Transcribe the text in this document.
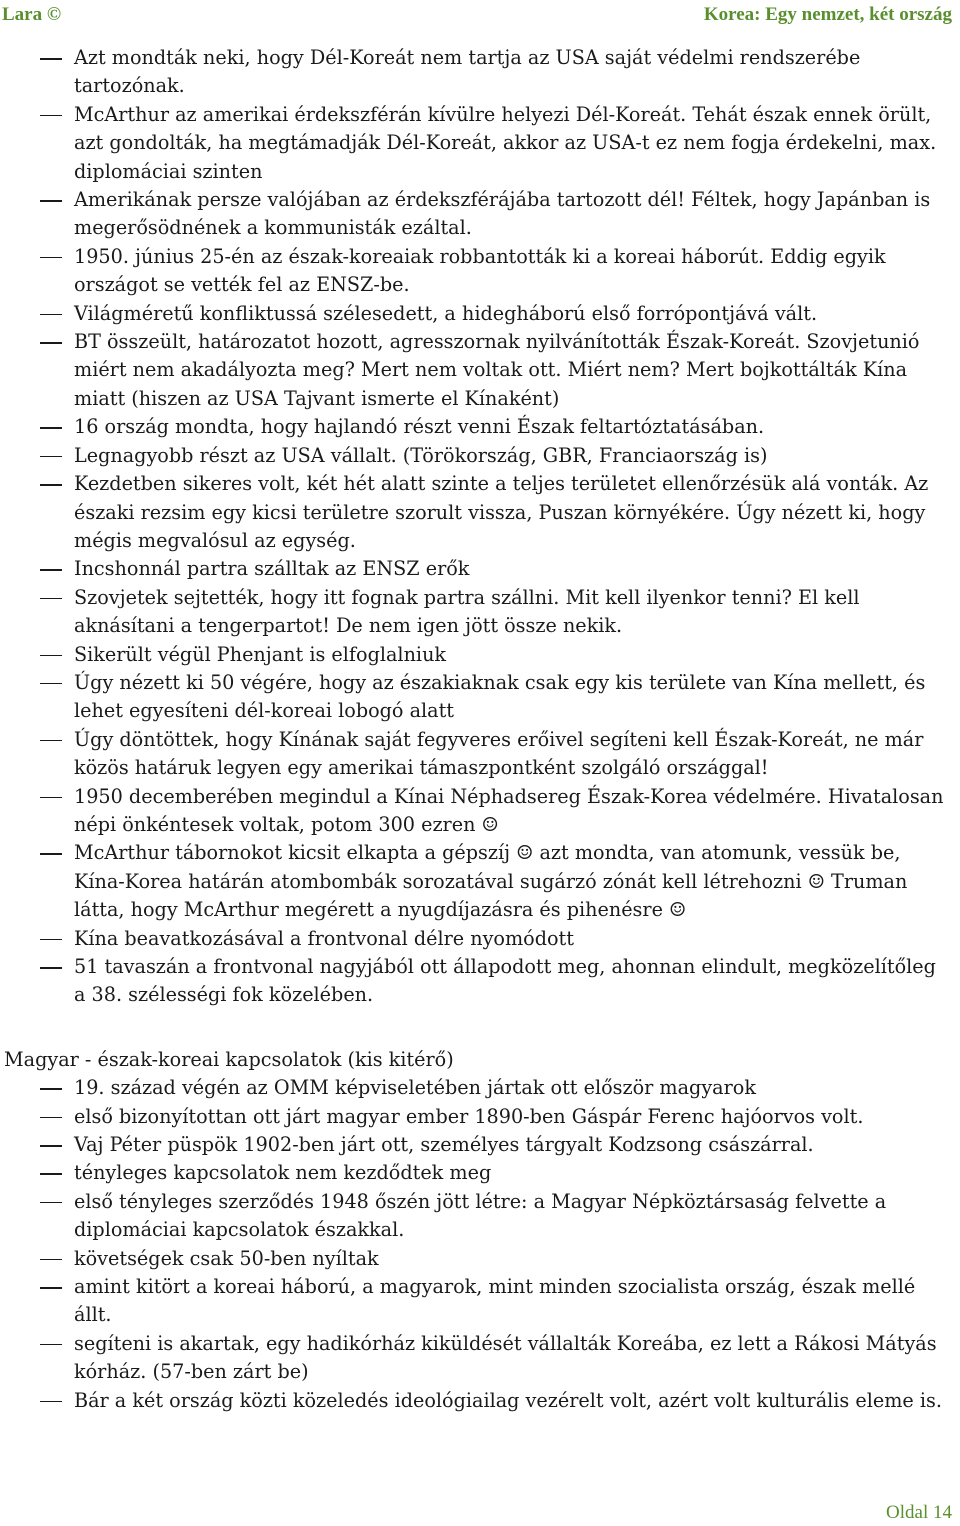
Lara ©	Korea: Egy nemzet, két ország
Azt mondták neki, hogy Dél-Koreát nem tartja az USA saját védelmi rendszerébe tartozónak.
McArthur az amerikai érdekszférán kívülre helyezi Dél-Koreát. Tehát észak ennek örült, azt gondolták, ha megtámadják Dél-Koreát, akkor az USA-t ez nem fogja érdekelni, max. diplomáciai szinten
Amerikának persze valójában az érdekszférájába tartozott dél! Féltek, hogy Japánban is megerősödnének a kommunisták ezáltal.
1950. június 25-én az észak-koreaiak robbantották ki a koreai háborút. Eddig egyik országot se vették fel az ENSZ-be.
Világméretű konfliktussá szélesedett, a hidegháború első forrópontjává vált.
BT összeült, határozatot hozott, agresszornak nyilvánították Észak-Koreát. Szovjetunió miért nem akadályozta meg? Mert nem voltak ott. Miért nem? Mert bojkottálták Kína miatt (hiszen az USA Tajvant ismerte el Kínaként)
16 ország mondta, hogy hajlandó részt venni Észak feltartóztatásában.
Legnagyobb részt az USA vállalt. (Törökország, GBR, Franciaország is)
Kezdetben sikeres volt, két hét alatt szinte a teljes területet ellenőrzésük alá vonták. Az északi rezsim egy kicsi területre szorult vissza, Puszan környékére. Úgy nézett ki, hogy mégis megvalósul az egység.
Incshonnál partra szálltak az ENSZ erők
Szovjetek sejtették, hogy itt fognak partra szállni. Mit kell ilyenkor tenni? El kell aknásítani a tengerpartot! De nem igen jött össze nekik.
Sikerült végül Phenjant is elfoglalniuk
Úgy nézett ki 50 végére, hogy az északiaknak csak egy kis területe van Kína mellett, és lehet egyesíteni dél-koreai lobogó alatt
Úgy döntöttek, hogy Kínának saját fegyveres erőivel segíteni kell Észak-Koreát, ne már közös határuk legyen egy amerikai támaszpontként szolgáló országgal!
1950 decemberében megindul a Kínai Néphadsereg Észak-Korea védelmére. Hivatalosan népi önkéntesek voltak, potom 300 ezren ☺
McArthur tábornokot kicsit elkapta a gépszíj ☺ azt mondta, van atomunk, vessük be, Kína-Korea határán atombombák sorozatával sugárzó zónát kell létrehozni ☺ Truman látta, hogy McArthur megérett a nyugdíjazásra és pihenésre ☺
Kína beavatkozásával a frontvonal délre nyomódott
51 tavaszán a frontvonal nagyjából ott állapodott meg, ahonnan elindult, megközelítőleg a 38. szélességi fok közelében.
Magyar - észak-koreai kapcsolatok (kis kitérő)
19. század végén az OMM képviseletében jártak ott először magyarok
első bizonyítottan ott járt magyar ember 1890-ben Gáspár Ferenc hajóorvos volt.
Vaj Péter püspök 1902-ben járt ott, személyes tárgyalt Kodzsong császárral.
tényleges kapcsolatok nem kezdődtek meg
első tényleges szerződés 1948 őszén jött létre: a Magyar Népköztársaság felvette a diplomáciai kapcsolatok északkal.
követségek csak 50-ben nyíltak
amint kitört a koreai háború, a magyarok, mint minden szocialista ország, észak mellé állt.
segíteni is akartak, egy hadikórház kiküldését vállalták Koreába, ez lett a Rákosi Mátyás kórház. (57-ben zárt be)
Bár a két ország közti közeledés ideológiailag vezérelt volt, azért volt kulturális eleme is.
Oldal 14
